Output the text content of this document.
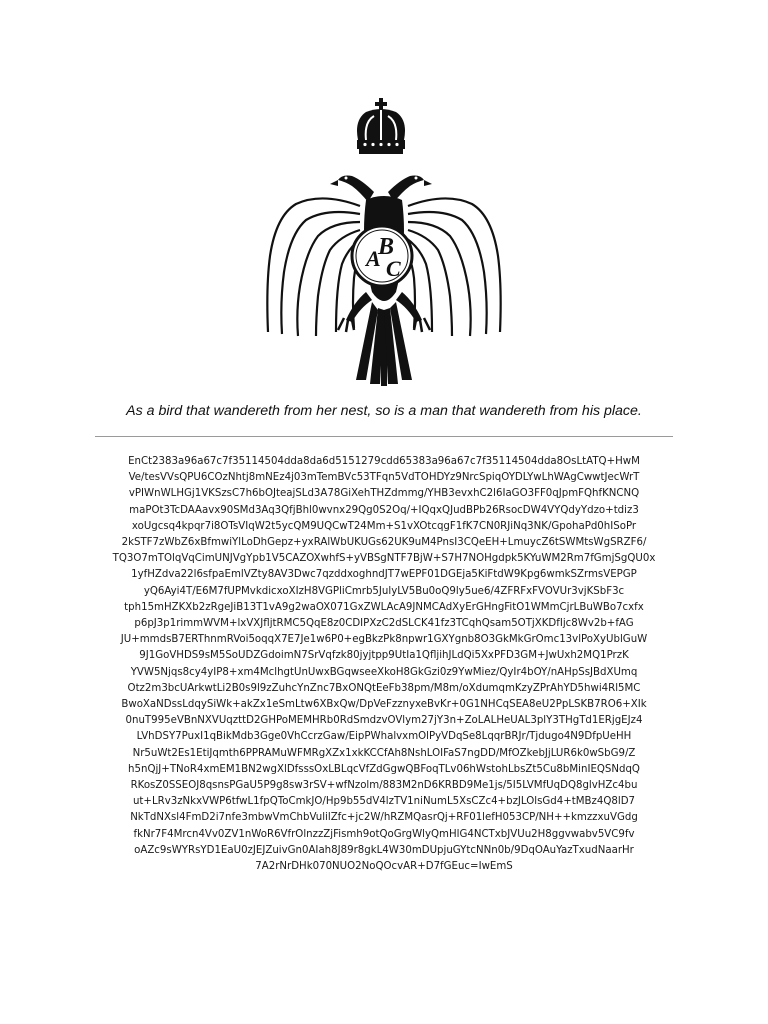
A
B
C
As a bird that wandereth from her nest, so is a man that wandereth from his place.
EnCt2383a96a67c7f35114504dda8da6d5151279cdd65383a96a67c7f35114504dda8OsLtATQ+HwM
Ve/tesVVsQPU6COzNhtj8mNEz4j03mTemBVc53TFqn5VdTOHDYz9NrcSpiqOYDLYwLhWAgCwwtJecWrT
vPIWnWLHGj1VKSzsC7h6bOJteajSLd3A78GiXehTHZdmmg/YHB3evxhC2l6IaGO3FF0qJpmFQhfKNCNQ
maPOt3TcDAAavx90SMd3Aq3QfjBhl0wvnx29Qg0S2Oq/+IQqxQJudBPb26RsocDW4VYQdyYdzo+tdiz3
xoUgcsq4kpqr7i8OTsVIqW2t5ycQM9UQCwT24Mm+S1vXOtcqgF1fK7CN0RJiNq3NK/GpohaPd0hISoPr
2kSTF7zWbZ6xBfmwiYlLoDhGepz+yxRAlWbUKUGs62UK9uM4PnsI3CQeEH+LmuycZ6tSWMtsWgSRZF6/
TQ3O7mTOlqVqCimUNJVgYpb1V5CAZOXwhfS+yVBSgNTF7BjW+S7H7NOHgdpk5KYuWM2Rm7fGmjSgQU0x
1yfHZdva22l6sfpaEmlVZty8AV3Dwc7qzddxoghndJT7wEPF01DGEja5KiFtdW9Kpg6wmkSZrmsVEPGP
yQ6Ayi4T/E6M7fUPMvkdicxoXIzH8VGPliCmrb5JulyLV5Bu0oQ9ly5ue6/4ZFRFxFVOVUr3vjKSbF3c
tph15mHZKXb2zRgeJiB13T1vA9g2waOX071GxZWLAcA9JNMCAdXyErGHngFitO1WMmCjrLBuWBo7cxfx
p6pJ3p1rimmWVM+lxVXJfljtRMC5QqE8z0CDIPXzC2dSLCK41fz3TCqhQsam5OTjXKDfIjc8Wv2b+fAG
JU+mmdsB7ERThnmRVoi5oqqX7E7Je1w6P0+egBkzPk8npwr1GXYgnb8O3GkMkGrOmc13vlPoXyUblGuW
9J1GoVHDS9sM5SoUDZGdoimN7SrVqfzk80jyjtpp9UtIa1QfljihJLdQi5XxPFD3GM+JwUxh2MQ1PrzK
YVW5Njqs8cy4yIP8+xm4MclhgtUnUwxBGqwseeXkoH8GkGzi0z9YwMiez/QyIr4bOY/nAHpSsJBdXUmq
Otz2m3bcUArkwtLi2B0s9l9zZuhcYnZnc7BxONQtEeFb38pm/M8m/oXdumqmKzyZPrAhYD5hwi4Rl5MC
BwoXaNDssLdqySiWk+akZx1eSmLtw6XBxQw/DpVeFzznyxeBvKr+0G1NHCqSEA8eU2PpLSKB7RO6+XIk
0nuT995eVBnNXVUqzttD2GHPoMEMHRb0RdSmdzvOVlym27jY3n+ZoLALHeUAL3plY3THgTd1ERjgEJz4
LVhDSY7PuxI1qBikMdb3Gge0VhCcrzGaw/EipPWhalvxmOlPyVDqSe8LqqrBRJr/Tjdugo4N9DfpUeHH
Nr5uWt2Es1EtiJqmth6PPRAMuWFMRgXZx1xkKCCfAh8NshLOIFaS7ngDD/MfOZkebJjLUR6k0wSbG9/Z
h5nQjJ+TNoR4xmEM1BN2wgXlDfsssOxLBLqcVfZdGgwQBFoqTLv06hWstohLbsZt5Cu8bMinIEQSNdqQ
RKosZ0SSEOJ8qsnsPGaU5P9g8sw3rSV+wfNzolm/883M2nD6KRBD9Me1js/5I5LVMfUqDQ8glvHZc4bu
ut+LRv3zNkxVWP6tfwL1fpQToCmkJO/Hp9b55dV4lzTV1niNumL5XsCZc4+bzJLOlsGd4+tMBz4Q8lD7
NkTdNXsl4FmD2i7nfe3mbwVmChbVulilZfc+jc2W/hRZMQasrQj+RF01lefH053CP/NH++kmzzxuVGdg
fkNr7F4Mrcn4Vv0ZV1nWoR6VfrOlnzzZjFismh9otQoGrgWlyQmHlG4NCTxbJVUu2H8ggvwabv5VC9fv
oAZc9sWYRsYD1EaU0zJEJZuivGn0AIah8J89r8gkL4W30mDUpjuGYtcNNn0b/9DqOAuYazTxudNaarHr
7A2rNrDHk070NUO2NoQOcvAR+D7fGEuc=IwEmS
